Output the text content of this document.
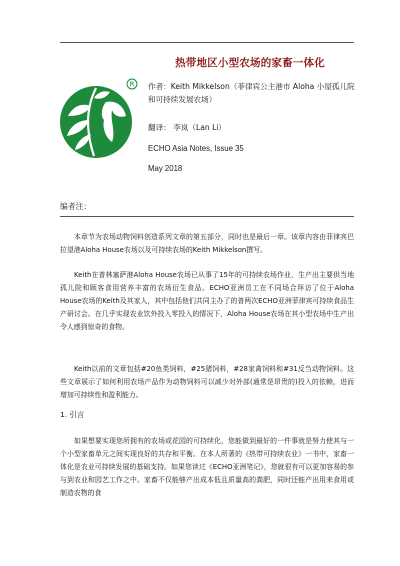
热带地区小型农场的家畜一体化
R 作者：Keith Mikkelson（菲律宾公主港市 Aloha 小屋孤儿院和可持续发展农场）
翻译： 李岚（Lan Li）
ECHO Asia Notes, Issue 35
May 2018
编者注：

本章节为农场动物饲料创造系列文章的第五部分，同时也是最后一章。该章内容由菲律宾巴拉望港Aloha House农场以及可持续农场的Keith Mikkelson撰写。

Keith在普林塞萨港Aloha House农场已从事了15年的可持续农场作业，生产出主要供当地孤儿院和顾客食用营养丰富的农场衍生食品。ECHO亚洲员工在不同场合拜访了位于Aloha House农场的Keith及其家人，其中包括他们共同主办了的普两次ECHO亚洲菲律宾可持续食品生产研讨会。在几乎实现农业饮外投入零投入的情况下，Aloha House农场在其小型农场中生产出令人感到惊奇的食物。

Keith以前的文章包括#20鱼类饲料，#25猪饲料，#28家禽饲料和#31反刍动物饲料。这些文章展示了如何利用农场产品作为动物饲料可以减少对外部(通常是昂贵的)投入的依赖，进而增加可持续性和盈利能力。

1. 引言

如果想要实现您所拥有的农场或花园的可持续化，您能做到最好的一件事就是努力使其与一个小型家畜单元之间实现良好的共存和平衡。在本人所著的《热带可持续农业》一书中，家畜一体化是农业可持续发展的基础支持。如果您读过《ECHO亚洲笔记》，您就很有可以更加容易的参与到农业和园艺工作之中。家畜不仅能够产出成本低且质量高的粪肥，同时还能产出用来食用或制造农物的食
